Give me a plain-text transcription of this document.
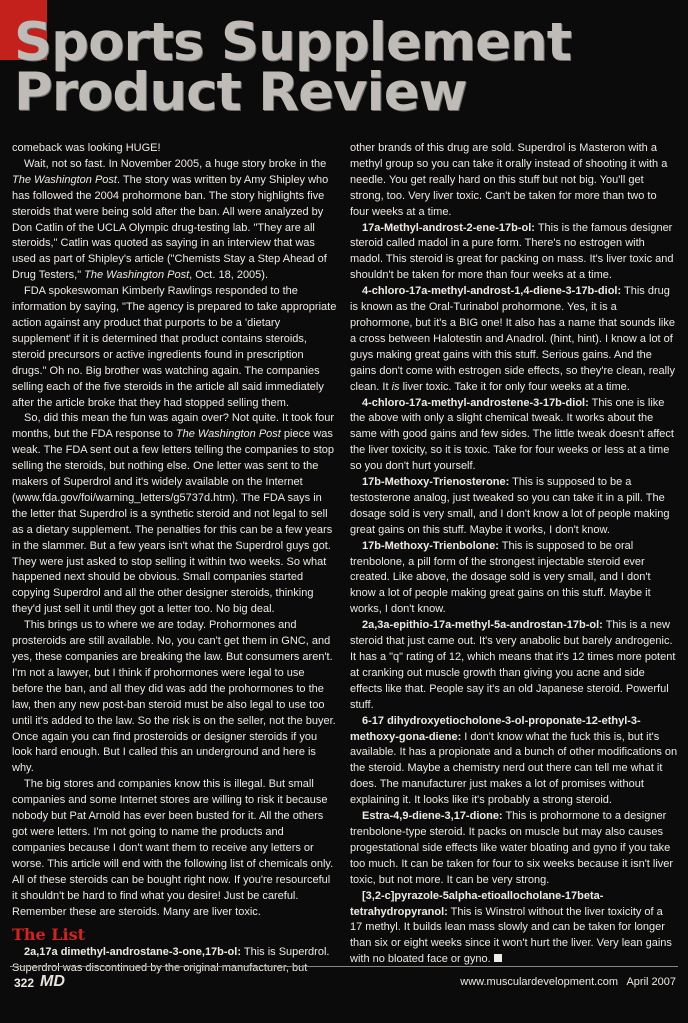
Sports Supplement
Product Review

comeback was looking HUGE!

Wait, not so fast. In November 2005, a huge story broke in the The Washington Post. The story was written by Amy Shipley who has followed the 2004 prohormone ban. The story highlights five steroids that were being sold after the ban. All were analyzed by Don Catlin of the UCLA Olympic drug-testing lab. "They are all steroids," Catlin was quoted as saying in an interview that was used as part of Shipley's article ("Chemists Stay a Step Ahead of Drug Testers," The Washington Post, Oct. 18, 2005).

FDA spokeswoman Kimberly Rawlings responded to the information by saying, "The agency is prepared to take appropriate action against any product that purports to be a 'dietary supplement' if it is determined that product contains steroids, steroid precursors or active ingredients found in prescription drugs." Oh no. Big brother was watching again. The companies selling each of the five steroids in the article all said immediately after the article broke that they had stopped selling them.

So, did this mean the fun was again over? Not quite. It took four months, but the FDA response to The Washington Post piece was weak. The FDA sent out a few letters telling the companies to stop selling the steroids, but nothing else. One letter was sent to the makers of Superdrol and it's widely available on the Internet (www.fda.gov/foi/warning_letters/g5737d.htm). The FDA says in the letter that Superdrol is a synthetic steroid and not legal to sell as a dietary supplement. The penalties for this can be a few years in the slammer. But a few years isn't what the Superdrol guys got. They were just asked to stop selling it within two weeks. So what happened next should be obvious. Small companies started copying Superdrol and all the other designer steroids, thinking they'd just sell it until they got a letter too. No big deal.

This brings us to where we are today. Prohormones and prosteroids are still available. No, you can't get them in GNC, and yes, these companies are breaking the law. But consumers aren't. I'm not a lawyer, but I think if prohormones were legal to use before the ban, and all they did was add the prohormones to the law, then any new post-ban steroid must be also legal to use too until it's added to the law. So the risk is on the seller, not the buyer. Once again you can find prosteroids or designer steroids if you look hard enough. But I called this an underground and here is why.

The big stores and companies know this is illegal. But small companies and some Internet stores are willing to risk it because nobody but Pat Arnold has ever been busted for it. All the others got were letters. I'm not going to name the products and companies because I don't want them to receive any letters or worse. This article will end with the following list of chemicals only. All of these steroids can be bought right now. If you're resourceful it shouldn't be hard to find what you desire! Just be careful. Remember these are steroids. Many are liver toxic.

The List

2a,17a dimethyl-androstane-3-one,17b-ol: This is Superdrol. Superdrol was discontinued by the original manufacturer, but

other brands of this drug are sold. Superdrol is Masteron with a methyl group so you can take it orally instead of shooting it with a needle. You get really hard on this stuff but not big. You'll get strong, too. Very liver toxic. Can't be taken for more than two to four weeks at a time.

17a-Methyl-androst-2-ene-17b-ol: This is the famous designer steroid called madol in a pure form. There's no estrogen with madol. This steroid is great for packing on mass. It's liver toxic and shouldn't be taken for more than four weeks at a time.

4-chloro-17a-methyl-androst-1,4-diene-3-17b-diol: This drug is known as the Oral-Turinabol prohormone. Yes, it is a prohormone, but it's a BIG one! It also has a name that sounds like a cross between Halotestin and Anadrol. (hint, hint). I know a lot of guys making great gains with this stuff. Serious gains. And the gains don't come with estrogen side effects, so they're clean, really clean. It is liver toxic. Take it for only four weeks at a time.

4-chloro-17a-methyl-androstene-3-17b-diol: This one is like the above with only a slight chemical tweak. It works about the same with good gains and few sides. The little tweak doesn't affect the liver toxicity, so it is toxic. Take for four weeks or less at a time so you don't hurt yourself.

17b-Methoxy-Trienosterone: This is supposed to be a testosterone analog, just tweaked so you can take it in a pill. The dosage sold is very small, and I don't know a lot of people making great gains on this stuff. Maybe it works, I don't know.

17b-Methoxy-Trienbolone: This is supposed to be oral trenbolone, a pill form of the strongest injectable steroid ever created. Like above, the dosage sold is very small, and I don't know a lot of people making great gains on this stuff. Maybe it works, I don't know.

2a,3a-epithio-17a-methyl-5a-androstan-17b-ol: This is a new steroid that just came out. It's very anabolic but barely androgenic. It has a "q" rating of 12, which means that it's 12 times more potent at cranking out muscle growth than giving you acne and side effects like that. People say it's an old Japanese steroid. Powerful stuff.

6-17 dihydroxyetiocholone-3-ol-proponate-12-ethyl-3-methoxy-gona-diene: I don't know what the fuck this is, but it's available. It has a propionate and a bunch of other modifications on the steroid. Maybe a chemistry nerd out there can tell me what it does. The manufacturer just makes a lot of promises without explaining it. It looks like it's probably a strong steroid.

Estra-4,9-diene-3,17-dione: This is prohormone to a designer trenbolone-type steroid. It packs on muscle but may also causes progestational side effects like water bloating and gyno if you take too much. It can be taken for four to six weeks because it isn't liver toxic, but not more. It can be very strong.

[3,2-c]pyrazole-5alpha-etioallocholane-17beta-tetrahydropyranol: This is Winstrol without the liver toxicity of a 17 methyl. It builds lean mass slowly and can be taken for longer than six or eight weeks since it won't hurt the liver. Very lean gains with no bloated face or gyno.

322 MD	www.musculardevelopment.com April 2007
